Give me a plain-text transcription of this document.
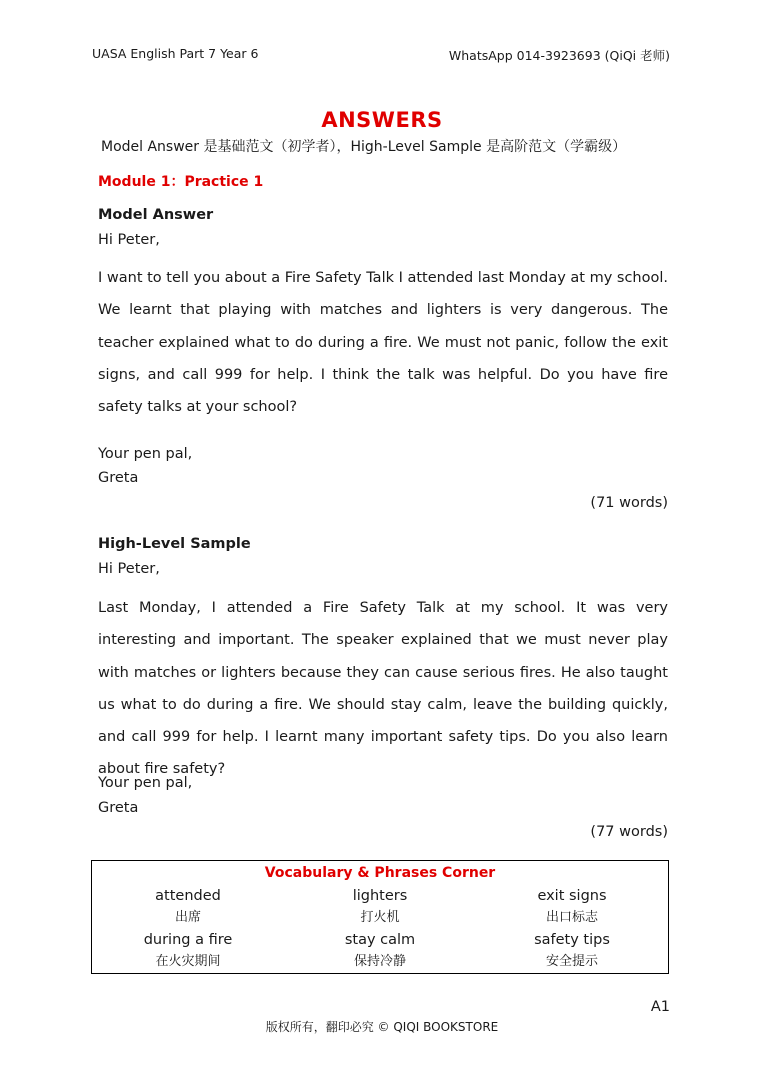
UASA English Part 7 Year 6	WhatsApp 014-3923693 (QiQi 老师)
ANSWERS
Model Answer 是基础范文（初学者），High-Level Sample 是高阶范文（学霸级）
Module 1：Practice 1
Model Answer
Hi Peter,
I want to tell you about a Fire Safety Talk I attended last Monday at my school. We learnt that playing with matches and lighters is very dangerous. The teacher explained what to do during a fire. We must not panic, follow the exit signs, and call 999 for help. I think the talk was helpful. Do you have fire safety talks at your school?
Your pen pal,
Greta
(71 words)
High-Level Sample
Hi Peter,
Last Monday, I attended a Fire Safety Talk at my school. It was very interesting and important. The speaker explained that we must never play with matches or lighters because they can cause serious fires. He also taught us what to do during a fire. We should stay calm, leave the building quickly, and call 999 for help. I learnt many important safety tips. Do you also learn about fire safety?
Your pen pal,
Greta
(77 words)
Vocabulary & Phrases Corner
attended
出席
lighters
打火机
exit signs
出口标志
during a fire
在火灾期间
stay calm
保持冷静
safety tips
安全提示
A1
版权所有，翻印必究 © QIQI BOOKSTORE
